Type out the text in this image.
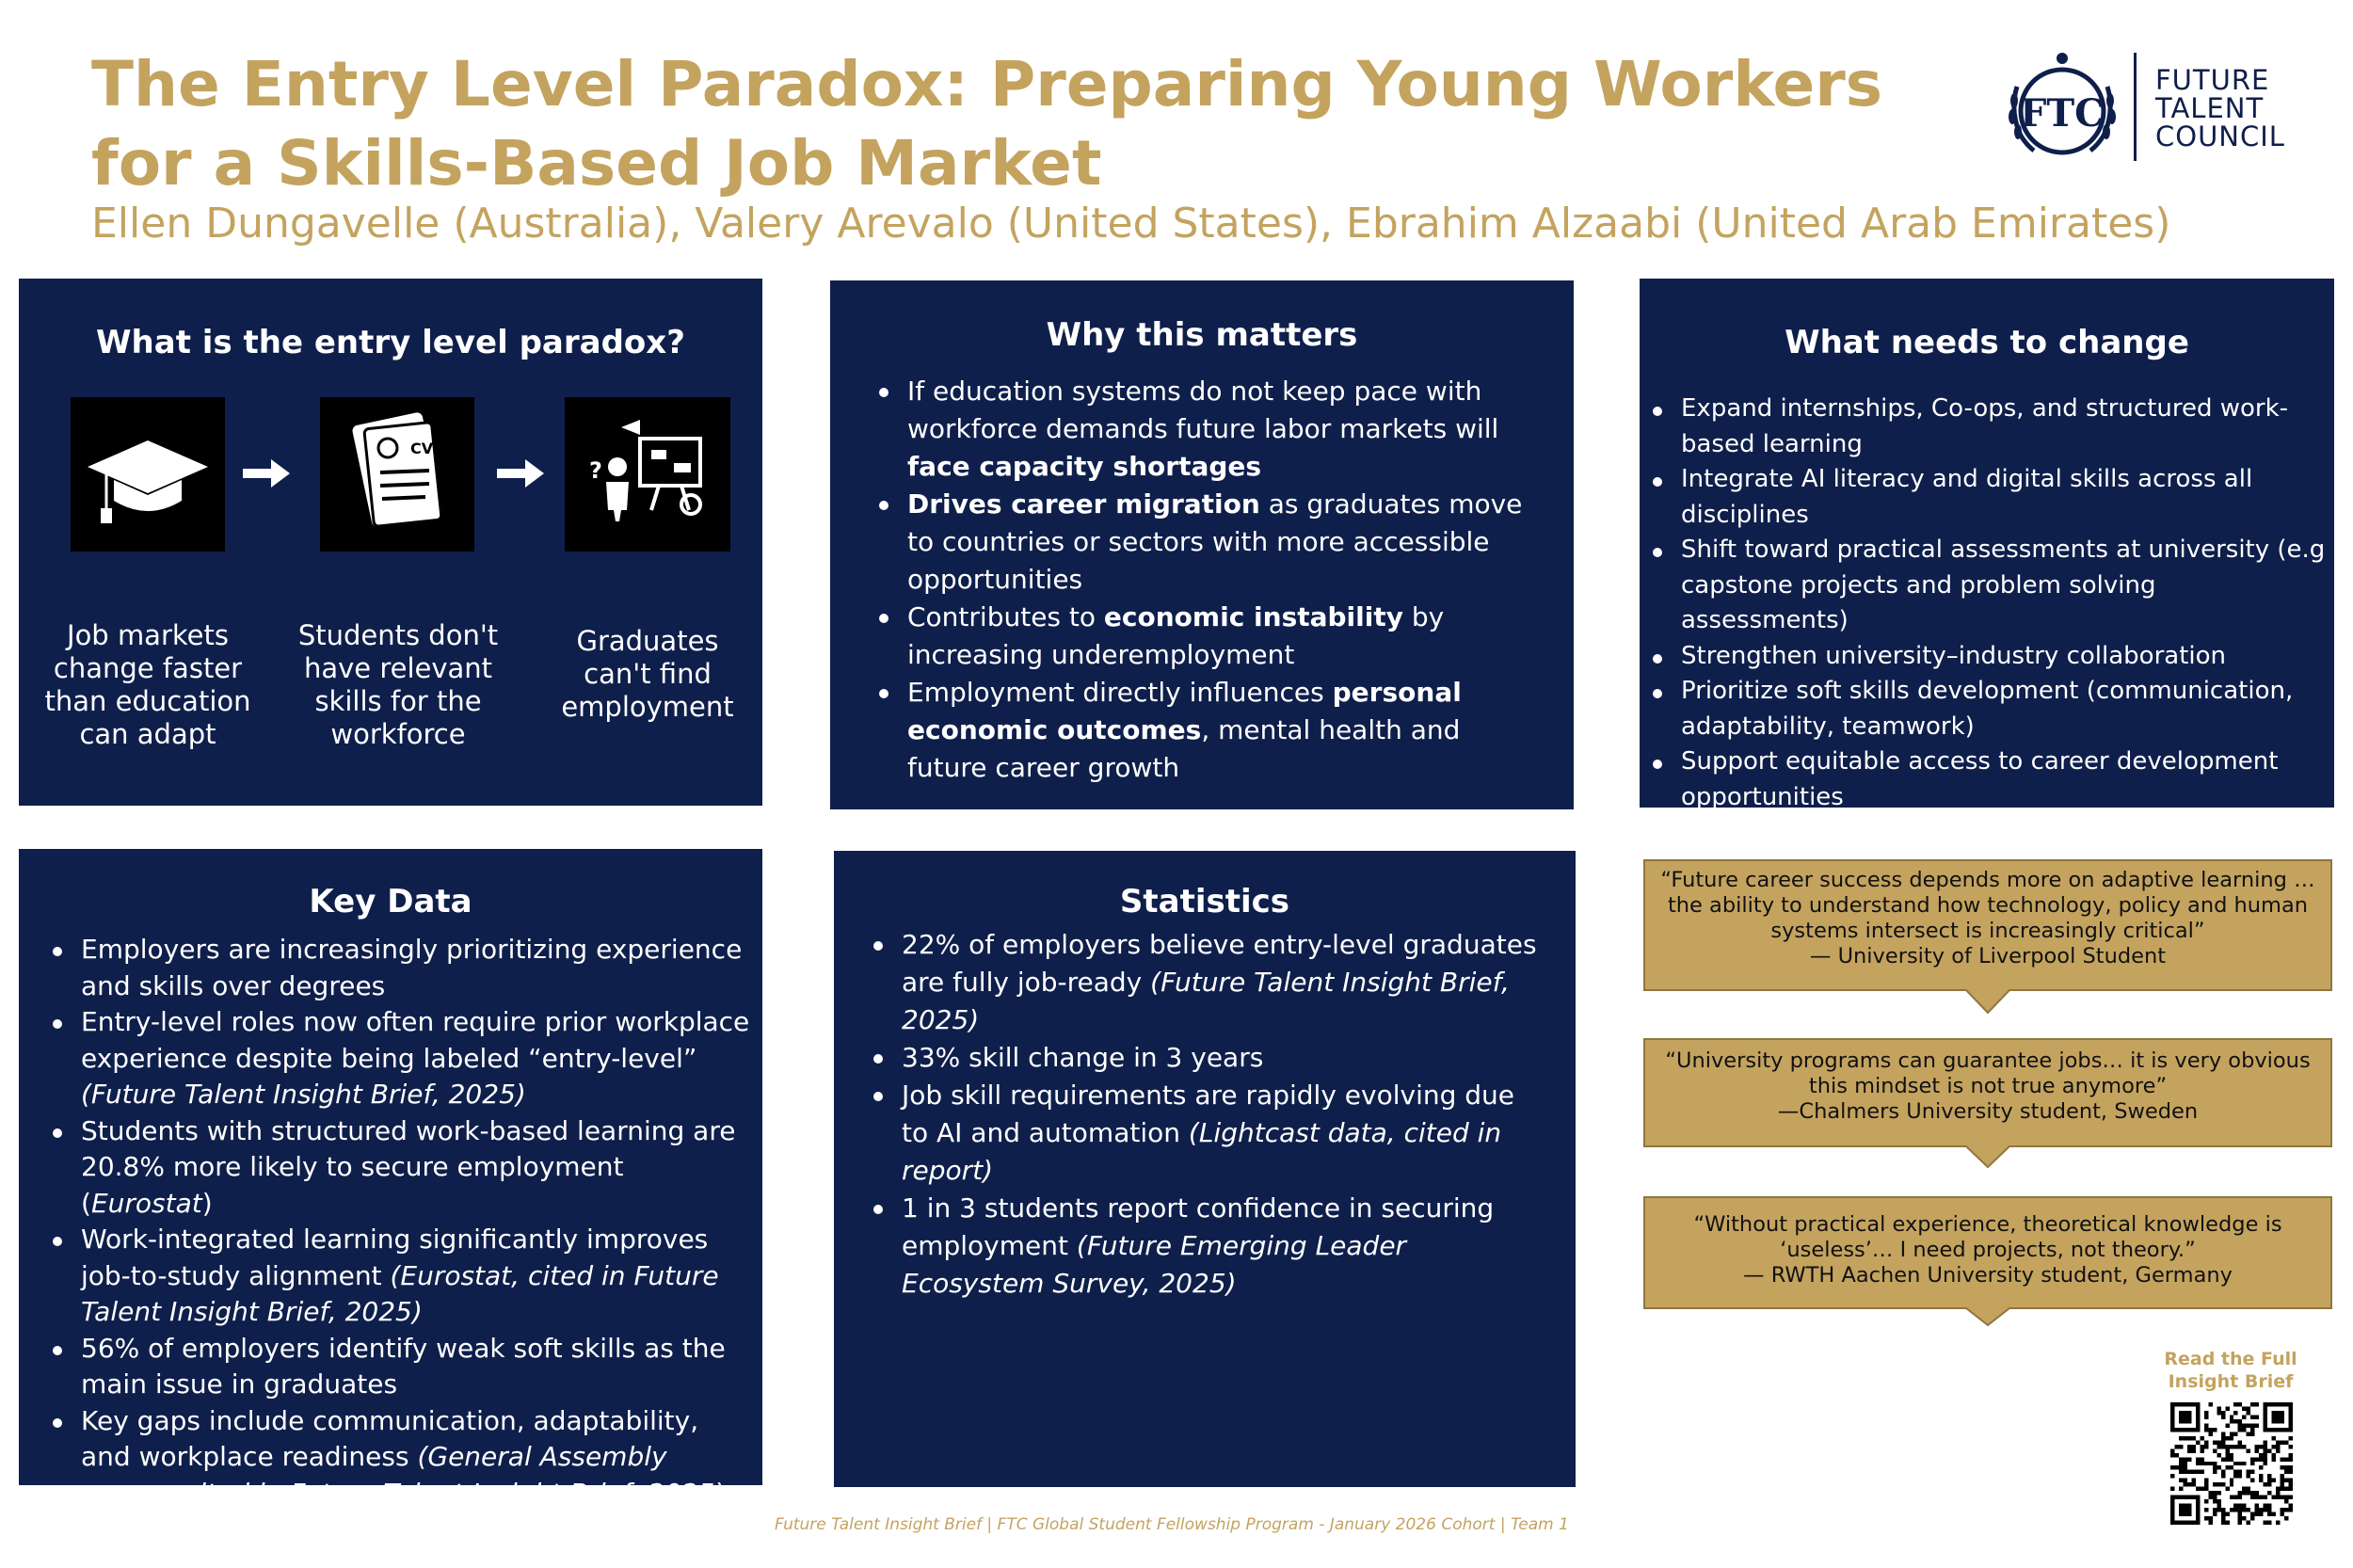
The Entry Level Paradox: Preparing Young Workers
for a Skills-Based Job Market
Ellen Dungavelle (Australia), Valery Arevalo (United States), Ebrahim Alzaabi (United Arab Emirates)
FTC
FUTURE
TALENT
COUNCIL
What is the entry level paradox?
CV
?
Job markets change faster than education can adapt
Students don't have relevant skills for the workforce
Graduates can't find employment
Why this matters
If education systems do not keep pace with workforce demands future labor markets will face capacity shortages
Drives career migration as graduates move to countries or sectors with more accessible opportunities
Contributes to economic instability by increasing underemployment
Employment directly influences personal economic outcomes, mental health and future career growth
What needs to change
Expand internships, Co-ops, and structured work-based learning
Integrate AI literacy and digital skills across all disciplines
Shift toward practical assessments at university (e.g capstone projects and problem solving assessments)
Strengthen university–industry collaboration
Prioritize soft skills development (communication, adaptability, teamwork)
Support equitable access to career development opportunities
Key Data
Employers are increasingly prioritizing experience and skills over degrees
Entry-level roles now often require prior workplace experience despite being labeled “entry-level” (Future Talent Insight Brief, 2025)
Students with structured work-based learning are 20.8% more likely to secure employment (Eurostat)
Work-integrated learning significantly improves job-to-study alignment (Eurostat, cited in Future Talent Insight Brief, 2025)
56% of employers identify weak soft skills as the main issue in graduates
Key gaps include communication, adaptability, and workplace readiness (General Assembly survey, cited in Future Talent Insight Brief, 2025)
Statistics
22% of employers believe entry-level graduates are fully job-ready (Future Talent Insight Brief, 2025)
33% skill change in 3 years
Job skill requirements are rapidly evolving due to AI and automation (Lightcast data, cited in report)
1 in 3 students report confidence in securing employment (Future Emerging Leader Ecosystem Survey, 2025)
“Future career success depends more on adaptive learning … the ability to understand how technology, policy and human systems intersect is increasingly critical”
— University of Liverpool Student
“University programs can guarantee jobs… it is very obvious this mindset is not true anymore”
—Chalmers University student, Sweden
“Without practical experience, theoretical knowledge is ‘useless’… I need projects, not theory.”
— RWTH Aachen University student, Germany
Read the Full
Insight Brief
Future Talent Insight Brief | FTC Global Student Fellowship Program - January 2026 Cohort | Team 1
